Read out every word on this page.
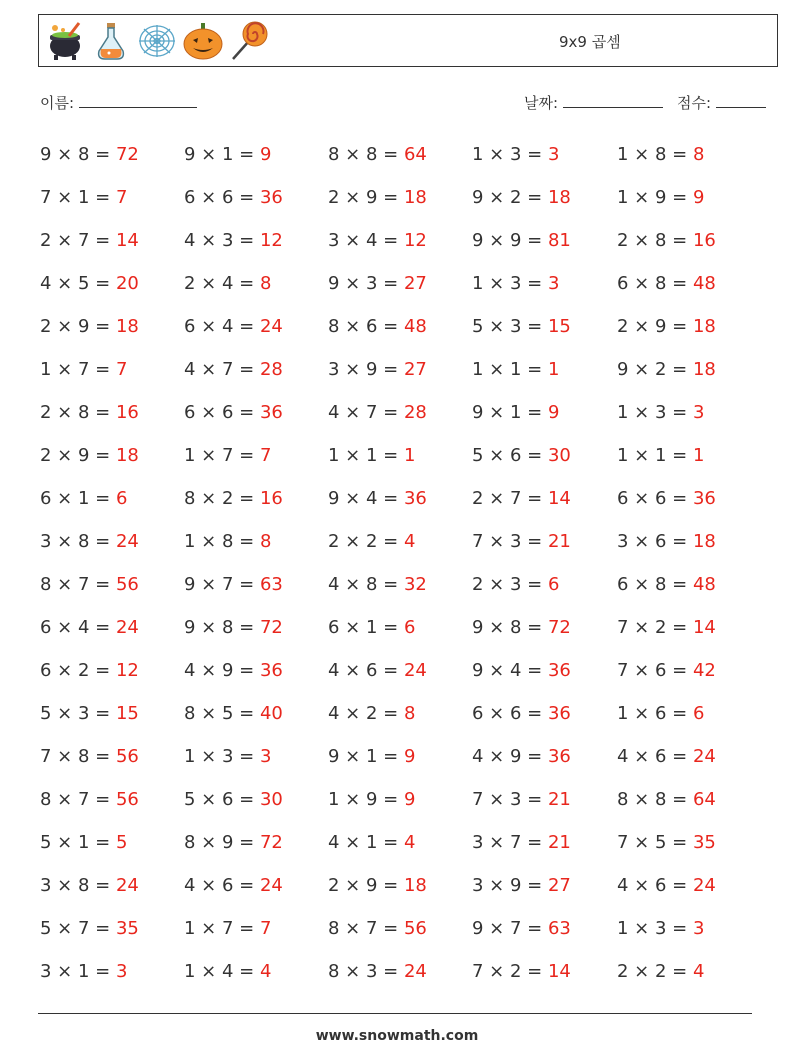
9x9 곱셈
이름:	날짜:	점수:
9 × 8 = 72	9 × 1 = 9	8 × 8 = 64	1 × 3 = 3	1 × 8 = 8
7 × 1 = 7	6 × 6 = 36	2 × 9 = 18	9 × 2 = 18	1 × 9 = 9
2 × 7 = 14	4 × 3 = 12	3 × 4 = 12	9 × 9 = 81	2 × 8 = 16
4 × 5 = 20	2 × 4 = 8	9 × 3 = 27	1 × 3 = 3	6 × 8 = 48
2 × 9 = 18	6 × 4 = 24	8 × 6 = 48	5 × 3 = 15	2 × 9 = 18
1 × 7 = 7	4 × 7 = 28	3 × 9 = 27	1 × 1 = 1	9 × 2 = 18
2 × 8 = 16	6 × 6 = 36	4 × 7 = 28	9 × 1 = 9	1 × 3 = 3
2 × 9 = 18	1 × 7 = 7	1 × 1 = 1	5 × 6 = 30	1 × 1 = 1
6 × 1 = 6	8 × 2 = 16	9 × 4 = 36	2 × 7 = 14	6 × 6 = 36
3 × 8 = 24	1 × 8 = 8	2 × 2 = 4	7 × 3 = 21	3 × 6 = 18
8 × 7 = 56	9 × 7 = 63	4 × 8 = 32	2 × 3 = 6	6 × 8 = 48
6 × 4 = 24	9 × 8 = 72	6 × 1 = 6	9 × 8 = 72	7 × 2 = 14
6 × 2 = 12	4 × 9 = 36	4 × 6 = 24	9 × 4 = 36	7 × 6 = 42
5 × 3 = 15	8 × 5 = 40	4 × 2 = 8	6 × 6 = 36	1 × 6 = 6
7 × 8 = 56	1 × 3 = 3	9 × 1 = 9	4 × 9 = 36	4 × 6 = 24
8 × 7 = 56	5 × 6 = 30	1 × 9 = 9	7 × 3 = 21	8 × 8 = 64
5 × 1 = 5	8 × 9 = 72	4 × 1 = 4	3 × 7 = 21	7 × 5 = 35
3 × 8 = 24	4 × 6 = 24	2 × 9 = 18	3 × 9 = 27	4 × 6 = 24
5 × 7 = 35	1 × 7 = 7	8 × 7 = 56	9 × 7 = 63	1 × 3 = 3
3 × 1 = 3	1 × 4 = 4	8 × 3 = 24	7 × 2 = 14	2 × 2 = 4
www.snowmath.com
